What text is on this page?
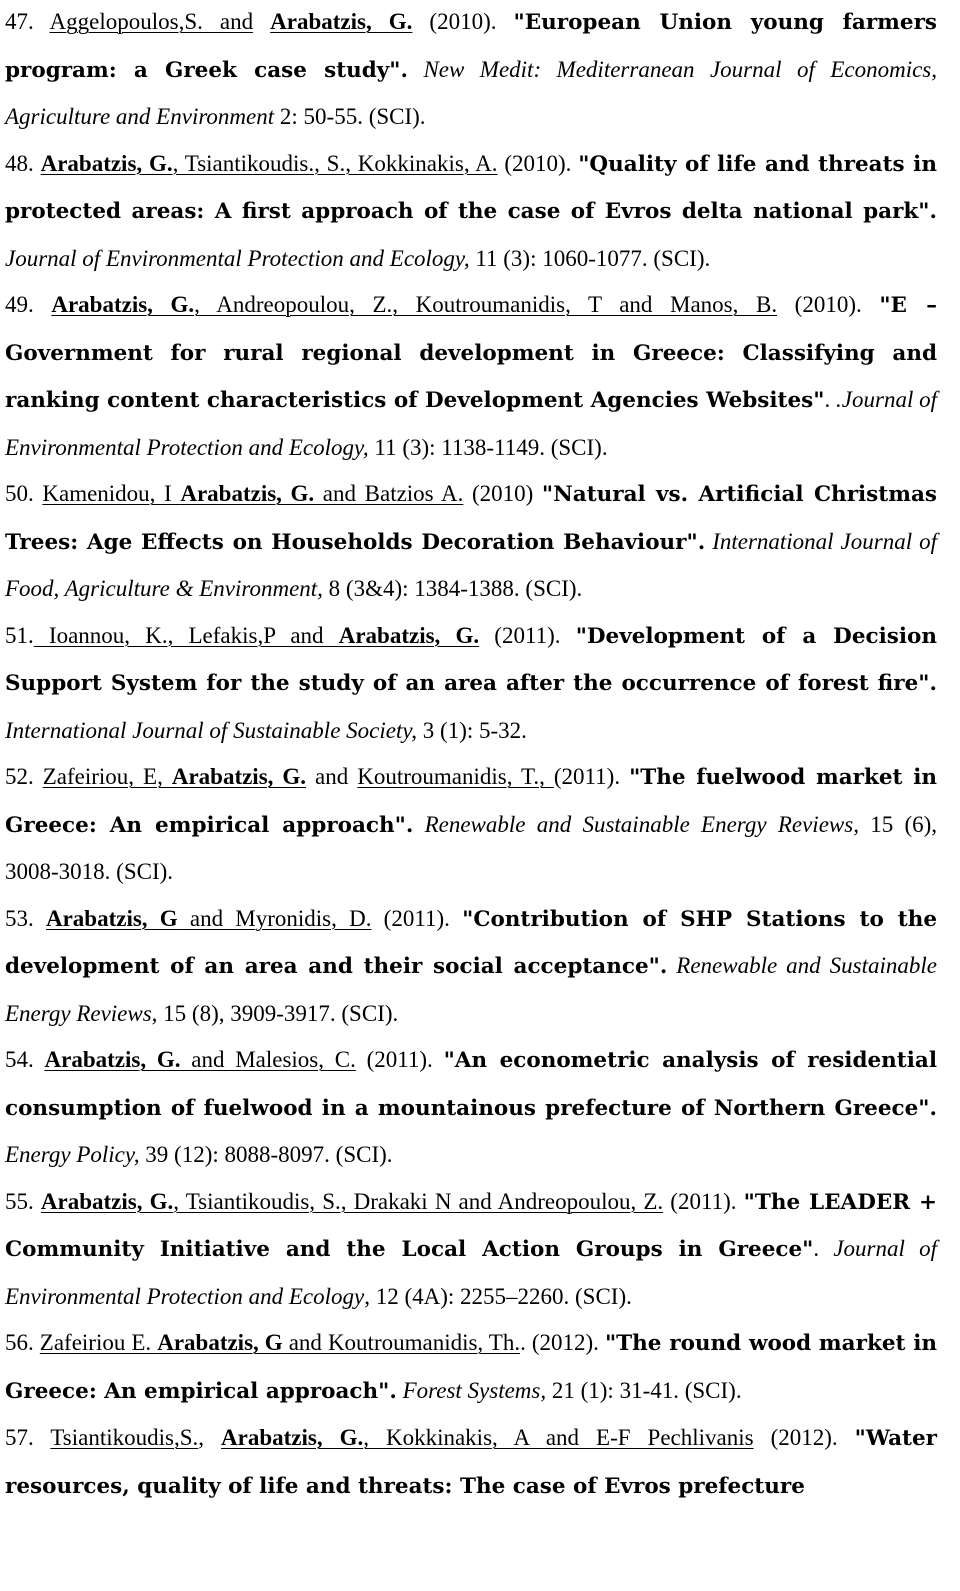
47. Aggelopoulos,S. and Arabatzis, G. (2010). "European Union young farmers program: a Greek case study". New Medit: Mediterranean Journal of Economics, Agriculture and Environment 2: 50-55. (SCI).

48. Arabatzis, G., Tsiantikoudis., S., Kokkinakis, A. (2010). "Quality of life and threats in protected areas: A first approach of the case of Evros delta national park". Journal of Environmental Protection and Ecology, 11 (3): 1060-1077. (SCI).

49. Arabatzis, G., Andreopoulou, Z., Koutroumanidis, T and Manos, B. (2010). "E – Government for rural regional development in Greece: Classifying and ranking content characteristics of Development Agencies Websites". .Journal of Environmental Protection and Ecology, 11 (3): 1138-1149. (SCI).

50. Kamenidou, I Arabatzis, G. and Batzios A. (2010) "Natural vs. Artificial Christmas Trees: Age Effects on Households Decoration Behaviour". International Journal of Food, Agriculture & Environment, 8 (3&4): 1384-1388. (SCI).

51. Ioannou, K., Lefakis,P and Arabatzis, G. (2011). "Development of a Decision Support System for the study of an area after the occurrence of forest fire". International Journal of Sustainable Society, 3 (1): 5-32.

52. Zafeiriou, E, Arabatzis, G. and Koutroumanidis, T., (2011). "The fuelwood market in Greece: An empirical approach". Renewable and Sustainable Energy Reviews, 15 (6), 3008-3018. (SCI).

53. Arabatzis, G and Myronidis, D. (2011). "Contribution of SHP Stations to the development of an area and their social acceptance". Renewable and Sustainable Energy Reviews, 15 (8), 3909-3917. (SCI).

54. Arabatzis, G. and Malesios, C. (2011). "An econometric analysis of residential consumption of fuelwood in a mountainous prefecture of Northern Greece". Energy Policy, 39 (12): 8088-8097. (SCI).

55. Arabatzis, G., Tsiantikoudis, S., Drakaki N and Andreopoulou, Z. (2011). "The LEADER + Community Initiative and the Local Action Groups in Greece". Journal of Environmental Protection and Ecology, 12 (4A): 2255–2260. (SCI).

56. Zafeiriou E. Arabatzis, G and Koutroumanidis, Th.. (2012). "The round wood market in Greece: An empirical approach". Forest Systems, 21 (1): 31-41. (SCI).

57. Tsiantikoudis,S., Arabatzis, G., Kokkinakis, A and E-F Pechlivanis (2012). "Water resources, quality of life and threats: The case of Evros prefecture
